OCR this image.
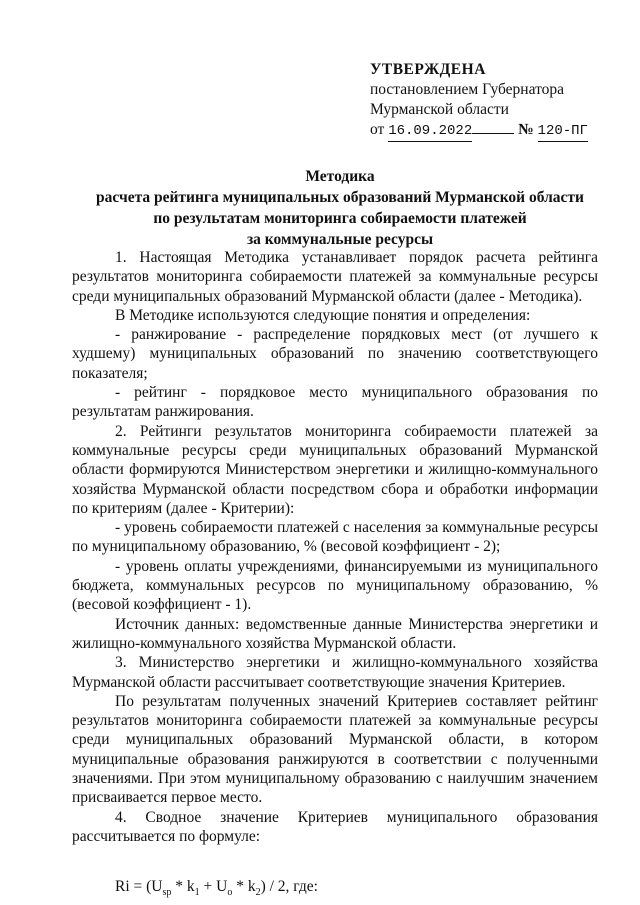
УТВЕРЖДЕНА
постановлением Губернатора
Мурманской области
от 16.09.2022	№ 120-ПГ
Методика
расчета рейтинга муниципальных образований Мурманской области
по результатам мониторинга собираемости платежей
за коммунальные ресурсы

1. Настоящая Методика устанавливает порядок расчета рейтинга результатов мониторинга собираемости платежей за коммунальные ресурсы среди муниципальных образований Мурманской области (далее - Методика).

В Методике используются следующие понятия и определения:

- ранжирование - распределение порядковых мест (от лучшего к худшему) муниципальных образований по значению соответствующего показателя;

- рейтинг - порядковое место муниципального образования по результатам ранжирования.

2. Рейтинги результатов мониторинга собираемости платежей за коммунальные ресурсы среди муниципальных образований Мурманской области формируются Министерством энергетики и жилищно-коммунального хозяйства Мурманской области посредством сбора и обработки информации по критериям (далее - Критерии):

- уровень собираемости платежей с населения за коммунальные ресурсы по муниципальному образованию, % (весовой коэффициент - 2);

- уровень оплаты учреждениями, финансируемыми из муниципального бюджета, коммунальных ресурсов по муниципальному образованию, % (весовой коэффициент - 1).

Источник данных: ведомственные данные Министерства энергетики и жилищно-коммунального хозяйства Мурманской области.

3. Министерство энергетики и жилищно-коммунального хозяйства Мурманской области рассчитывает соответствующие значения Критериев.

По результатам полученных значений Критериев составляет рейтинг результатов мониторинга собираемости платежей за коммунальные ресурсы среди муниципальных образований Мурманской области, в котором муниципальные образования ранжируются в соответствии с полученными значениями. При этом муниципальному образованию с наилучшим значением присваивается первое место.

4. Сводное значение Критериев муниципального образования рассчитывается по формуле:

$Ri = (U_{sp} * k_1 + U_o * k_2) / 2$, где:
